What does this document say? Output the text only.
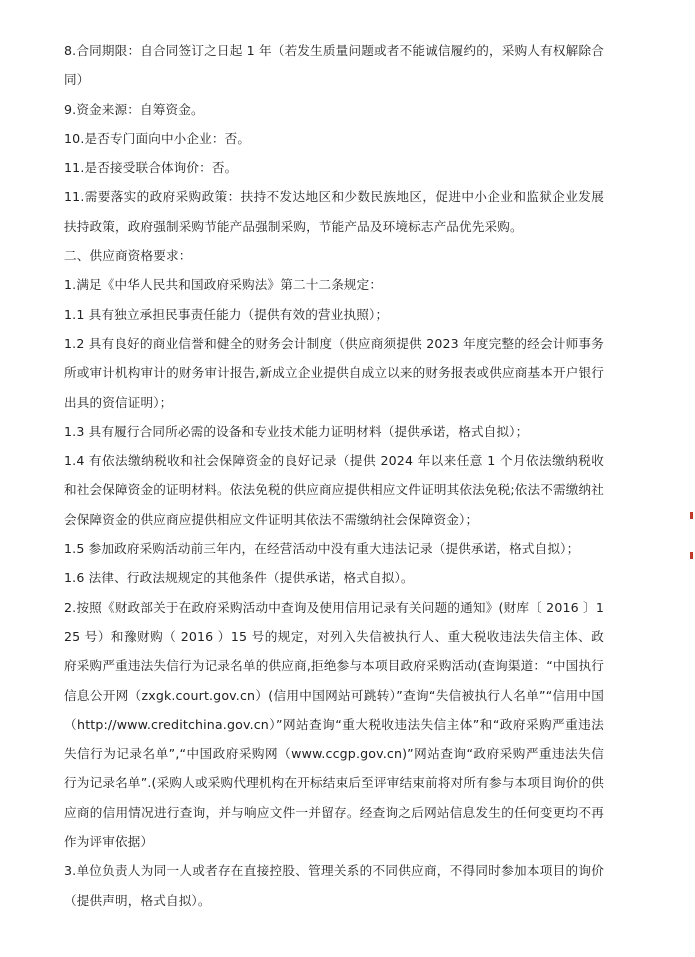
8.合同期限：自合同签订之日起 1 年（若发生质量问题或者不能诚信履约的，采购人有权解除合同）

9.资金来源：自筹资金。

10.是否专门面向中小企业：否。

11.是否接受联合体询价：否。

11.需要落实的政府采购政策：扶持不发达地区和少数民族地区，促进中小企业和监狱企业发展扶持政策，政府强制采购节能产品强制采购，节能产品及环境标志产品优先采购。

二、供应商资格要求：

1.满足《中华人民共和国政府采购法》第二十二条规定：

1.1 具有独立承担民事责任能力（提供有效的营业执照）；

1.2 具有良好的商业信誉和健全的财务会计制度（供应商须提供 2023 年度完整的经会计师事务所或审计机构审计的财务审计报告,新成立企业提供自成立以来的财务报表或供应商基本开户银行出具的资信证明）；

1.3 具有履行合同所必需的设备和专业技术能力证明材料（提供承诺，格式自拟）；

1.4 有依法缴纳税收和社会保障资金的良好记录（提供 2024 年以来任意 1 个月依法缴纳税收和社会保障资金的证明材料。依法免税的供应商应提供相应文件证明其依法免税;依法不需缴纳社会保障资金的供应商应提供相应文件证明其依法不需缴纳社会保障资金）；

1.5 参加政府采购活动前三年内，在经营活动中没有重大违法记录（提供承诺，格式自拟）；

1.6 法律、行政法规规定的其他条件（提供承诺，格式自拟）。

2.按照《财政部关于在政府采购活动中查询及使用信用记录有关问题的通知》(财库〔 2016 〕125 号）和豫财购（ 2016 ）15 号的规定，对列入失信被执行人、重大税收违法失信主体、政府采购严重违法失信行为记录名单的供应商,拒绝参与本项目政府采购活动(查询渠道：“中国执行信息公开网（zxgk.court.gov.cn）(信用中国网站可跳转）”查询“失信被执行人名单”“信用中国（http://www.creditchina.gov.cn）”网站查询“重大税收违法失信主体”和“政府采购严重违法失信行为记录名单”,“中国政府采购网（www.ccgp.gov.cn)”网站查询“政府采购严重违法失信行为记录名单”.(采购人或采购代理机构在开标结束后至评审结束前将对所有参与本项目询价的供应商的信用情况进行查询，并与响应文件一并留存。经查询之后网站信息发生的任何变更均不再作为评审依据）

3.单位负责人为同一人或者存在直接控股、管理关系的不同供应商，不得同时参加本项目的询价（提供声明，格式自拟）。
